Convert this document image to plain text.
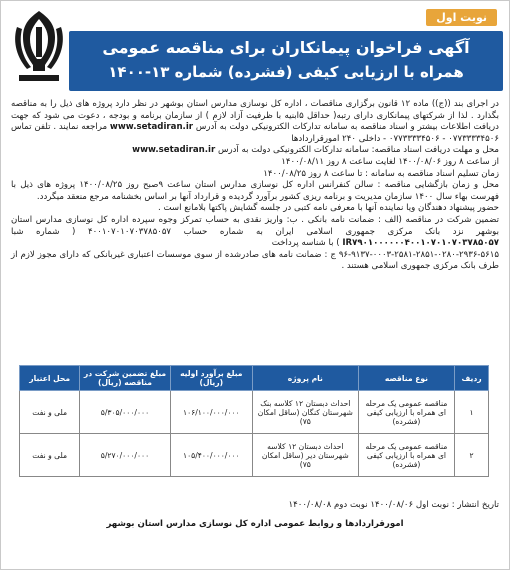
نوبت اول
آگهی فراخوان پیمانکاران برای مناقصه عمومی
همراه با ارزیابی کیفی (فشرده) شماره ۱۳-۱۴۰۰

در اجرای بند ((ج)) ماده ۱۲ قانون برگزاری مناقصات ، اداره کل نوسازی مدارس استان بوشهر در نظر دارد پروژه های ذیل را به مناقصه بگذارد . لذا از شرکتهای پیمانکاری دارای رتبه( حداقل ۵ابنیه با ظرفیت آزاد لازم ) از سازمان برنامه و بودجه ، دعوت می شود که جهت دریافت اطلاعات بیشتر و اسناد مناقصه به سامانه تدارکات الکترونیکی دولت به آدرس www.setadiran.ir مراجعه نمایند . تلفن تماس ۰۷۷۳۳۳۳۴۵۰۶ - ۰۷۷۳۳۳۳۴۵۰۶ - داخلی ۲۴۰ امورقراردادها

محل و مهلت دریافت اسناد مناقصه: سامانه تدارکات الکترونیکی دولت به آدرس www.setadiran.ir

از ساعت ۸ روز ۱۴۰۰/۰۸/۰۶ لغایت ساعت ۸ روز ۱۴۰۰/۰۸/۱۱

زمان تسلیم اسناد مناقصه به سامانه : تا ساعت ۸ روز ۱۴۰۰/۰۸/۲۵

محل و زمان بازگشایی مناقصه : سالن کنفرانس اداره کل نوسازی مدارس استان ساعت ۹صبح روز ۱۴۰۰/۰۸/۲۵ پروژه های ذیل با فهرست بهاء سال ۱۴۰۰ سازمان مدیریت و برنامه ریزی کشور برآورد گردیده و قرارداد آنها بر اساس بخشنامه مرجع منعقد میگردد.

حضور پیشنهاد دهندگان ویا نماینده آنها با معرفی نامه کتبی در جلسه گشایش پاکتها بلامانع است .

تضمین شرکت در مناقصه (الف : ضمانت نامه بانکی . ب: واریز نقدی به حساب تمرکز وجوه سپرده اداره کل نوسازی مدارس استان بوشهر نزد بانک مرکزی جمهوری اسلامی ایران به شماره حساب ۴۰۰۱۰۷۰۱۰۷۰۳۷۸۵۰۵۷ ( شماره شبا IR۷۹۰۱۰۰۰۰۰۰۴۰۰۱۰۷۰۱۰۷۰۳۷۸۵۰۵۷ ) با شناسه پرداخت

۹۶-۹۱۳۷-۰۰۰۳-۲۵۸۱-۲۸۵۱-۰۲۸۰-۲۹۳۶-۵۶۱۵ ج : ضمانت نامه های صادرشده از سوی موسسات اعتباری غیربانکی که دارای مجوز لازم از طرف بانک مرکزی جمهوری اسلامی هستند .

ردیف	نوع مناقصه	نام پروژه	مبلغ برآورد اولیه (ریال)	مبلغ تضمین شرکت در مناقصه (ریال)	محل اعتبار
۱	مناقصه عمومی یک مرحله ای همراه با ارزیابی کیفی (فشرده)	احداث دبستان ۱۲ کلاسه بنک شهرستان کنگان (ساقل امکان ۷۵)	۱۰۶/۱۰۰/۰۰۰/۰۰۰	۵/۳۰۵/۰۰۰/۰۰۰	ملی و نفت
۲	مناقصه عمومی یک مرحله ای همراه با ارزیابی کیفی (فشرده)	احداث دبستان ۱۲ کلاسه شهرستان دیر (ساقل امکان ۷۵)	۱۰۵/۴۰۰/۰۰۰/۰۰۰	۵/۲۷۰/۰۰۰/۰۰۰	ملی و نفت
تاریخ انتشار : نوبت اول ۱۴۰۰/۰۸/۰۶ نوبت دوم ۱۴۰۰/۰۸/۰۸
امورقراردادها و روابط عمومی اداره کل نوسازی مدارس استان بوشهر
